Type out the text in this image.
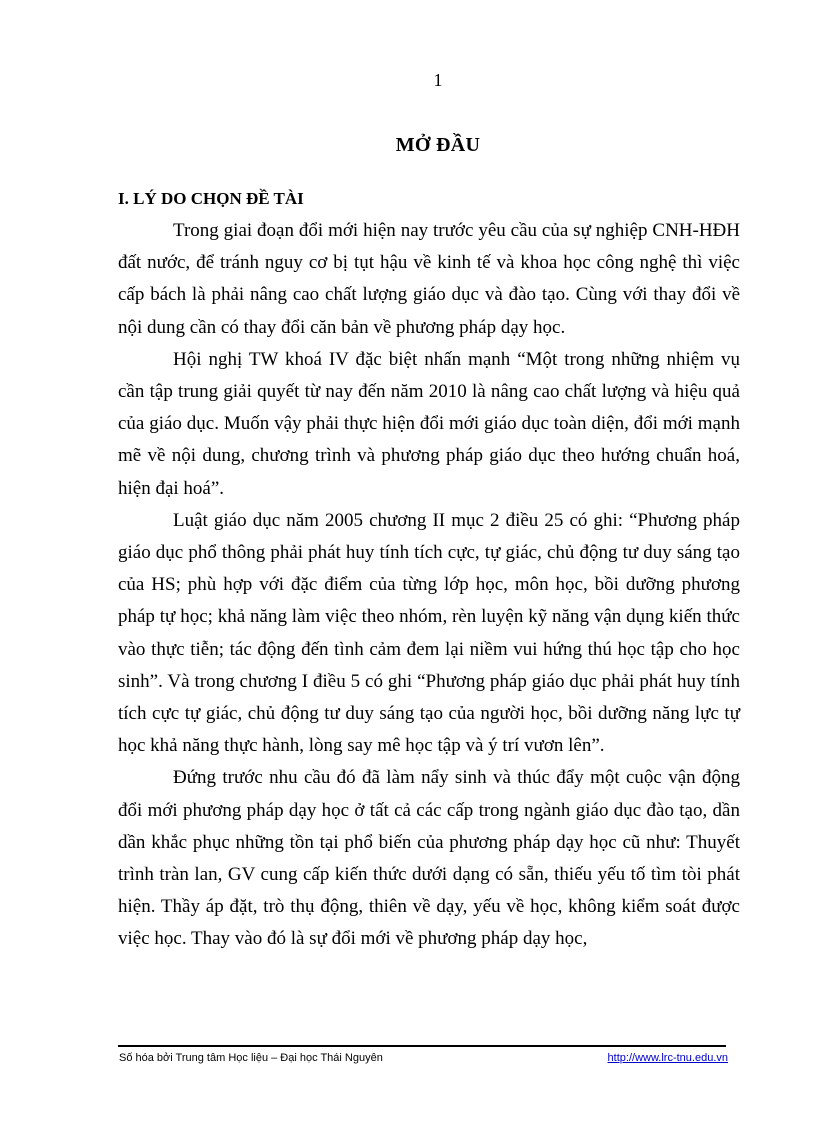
1
MỞ ĐẦU
I. LÝ DO CHỌN ĐỀ TÀI

Trong giai đoạn đổi mới hiện nay trước yêu cầu của sự nghiệp CNH-HĐH đất nước, để tránh nguy cơ bị tụt hậu về kinh tế và khoa học công nghệ thì việc cấp bách là phải nâng cao chất lượng giáo dục và đào tạo. Cùng với thay đổi về nội dung cần có thay đổi căn bản về phương pháp dạy học.

Hội nghị TW khoá IV đặc biệt nhấn mạnh “Một trong những nhiệm vụ cần tập trung giải quyết từ nay đến năm 2010 là nâng cao chất lượng và hiệu quả của giáo dục. Muốn vậy phải thực hiện đổi mới giáo dục toàn diện, đổi mới mạnh mẽ về nội dung, chương trình và phương pháp giáo dục theo hướng chuẩn hoá, hiện đại hoá”.

Luật giáo dục năm 2005 chương II mục 2 điều 25 có ghi: “Phương pháp giáo dục phổ thông phải phát huy tính tích cực, tự giác, chủ động tư duy sáng tạo của HS; phù hợp với đặc điểm của từng lớp học, môn học, bồi dưỡng phương pháp tự học; khả năng làm việc theo nhóm, rèn luyện kỹ năng vận dụng kiến thức vào thực tiễn; tác động đến tình cảm đem lại niềm vui hứng thú học tập cho học sinh”. Và trong chương I điều 5 có ghi “Phương pháp giáo dục phải phát huy tính tích cực tự giác, chủ động tư duy sáng tạo của người học, bồi dưỡng năng lực tự học khả năng thực hành, lòng say mê học tập và ý trí vươn lên”.

Đứng trước nhu cầu đó đã làm nẩy sinh và thúc đẩy một cuộc vận động đổi mới phương pháp dạy học ở tất cả các cấp trong ngành giáo dục đào tạo, dần dần khắc phục những tồn tại phổ biến của phương pháp dạy học cũ như: Thuyết trình tràn lan, GV cung cấp kiến thức dưới dạng có sẵn, thiếu yếu tố tìm tòi phát hiện. Thầy áp đặt, trò thụ động, thiên về dạy, yếu về học, không kiểm soát được việc học. Thay vào đó là sự đổi mới về phương pháp dạy học,

Số hóa bởi Trung tâm Học liệu – Đại học Thái Nguyên	http://www.lrc-tnu.edu.vn
